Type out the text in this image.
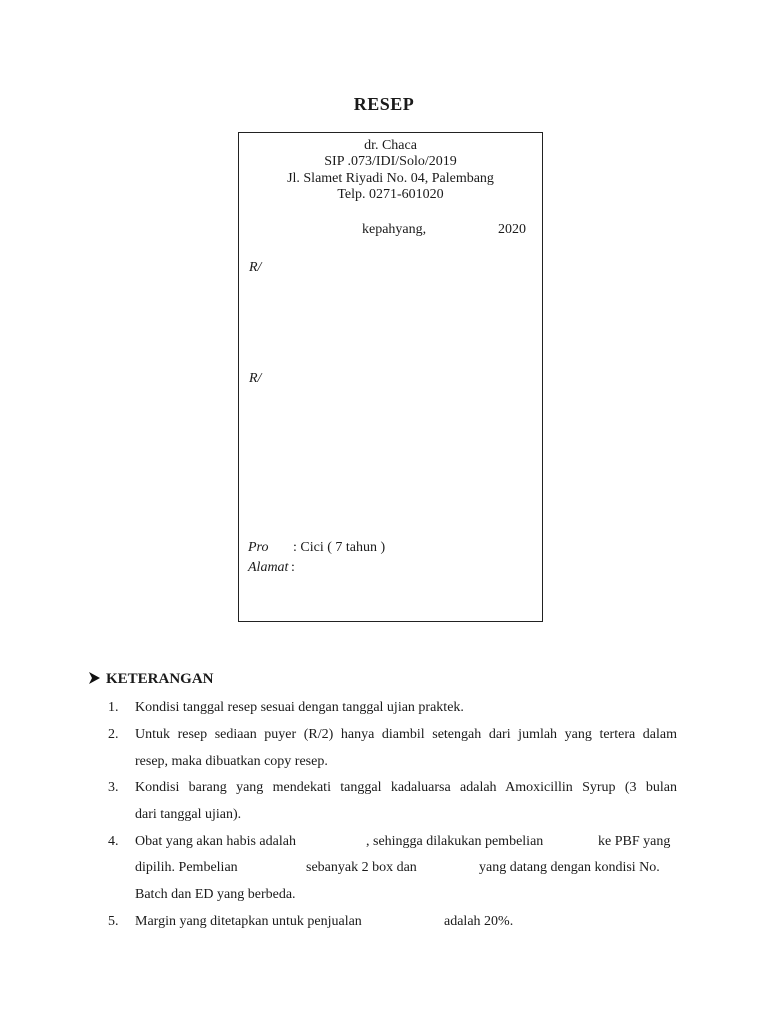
RESEP
dr. Chaca
SIP .073/IDI/Solo/2019
Jl. Slamet Riyadi No. 04, Palembang
Telp. 0271-601020
kepahyang,	2020
R/
R/
Pro : Cici ( 7 tahun )
Alamat :
KETERANGAN
1. Kondisi tanggal resep sesuai dengan tanggal ujian praktek.
2. Untuk resep sediaan puyer (R/2) hanya diambil setengah dari jumlah yang tertera dalam
resep, maka dibuatkan copy resep.
3. Kondisi barang yang mendekati tanggal kadaluarsa adalah Amoxicillin Syrup (3 bulan
dari tanggal ujian).
4. Obat yang akan habis adalah	, sehingga dilakukan pembelian	ke PBF yang
dipilih. Pembelian	sebanyak 2 box dan	yang datang dengan kondisi No.
Batch dan ED yang berbeda.
5. Margin yang ditetapkan untuk penjualan	adalah 20%.
